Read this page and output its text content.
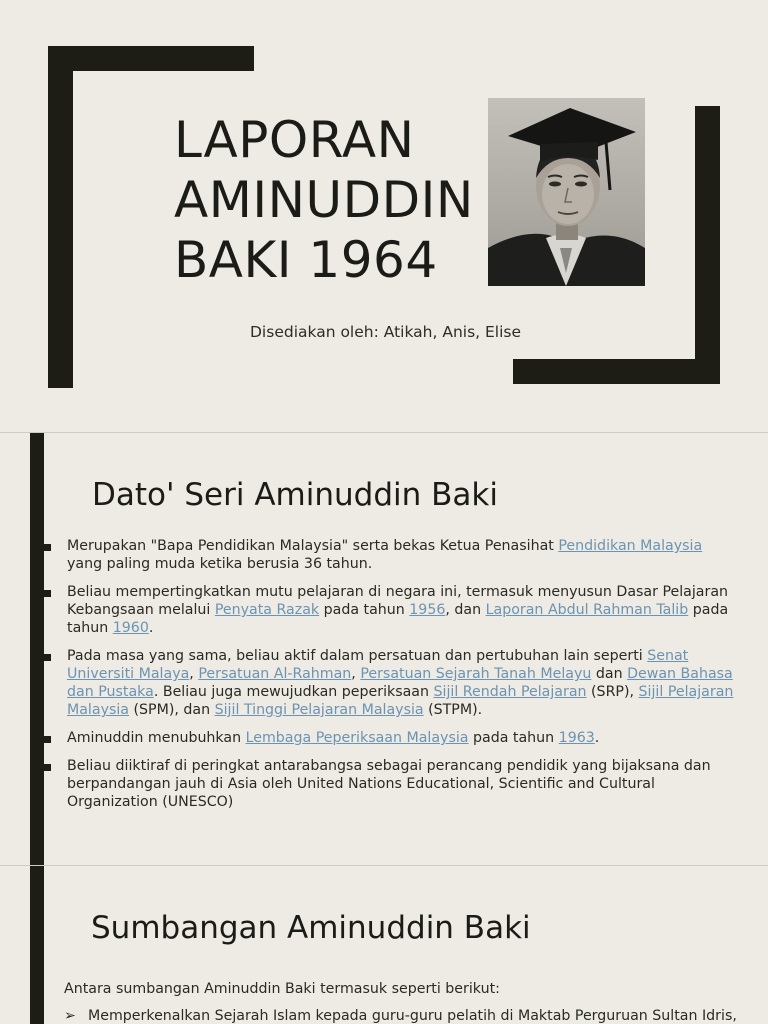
LAPORAN
AMINUDDIN
BAKI 1964
Disediakan oleh: Atikah, Anis, Elise
Dato' Seri Aminuddin Baki
Merupakan "Bapa Pendidikan Malaysia" serta bekas Ketua Penasihat Pendidikan Malaysia yang paling muda ketika berusia 36 tahun.
Beliau mempertingkatkan mutu pelajaran di negara ini, termasuk menyusun Dasar Pelajaran Kebangsaan melalui Penyata Razak pada tahun 1956, dan Laporan Abdul Rahman Talib pada tahun 1960.
Pada masa yang sama, beliau aktif dalam persatuan dan pertubuhan lain seperti Senat Universiti Malaya, Persatuan Al-Rahman, Persatuan Sejarah Tanah Melayu dan Dewan Bahasa dan Pustaka. Beliau juga mewujudkan peperiksaan Sijil Rendah Pelajaran (SRP), Sijil Pelajaran Malaysia (SPM), dan Sijil Tinggi Pelajaran Malaysia (STPM).
Aminuddin menubuhkan Lembaga Peperiksaan Malaysia pada tahun 1963.
Beliau diiktiraf di peringkat antarabangsa sebagai perancang pendidik yang bijaksana dan berpandangan jauh di Asia oleh United Nations Educational, Scientific and Cultural Organization (UNESCO)
Sumbangan Aminuddin Baki
Antara sumbangan Aminuddin Baki termasuk seperti berikut:
➢ Memperkenalkan Sejarah Islam kepada guru-guru pelatih di Maktab Perguruan Sultan Idris,
